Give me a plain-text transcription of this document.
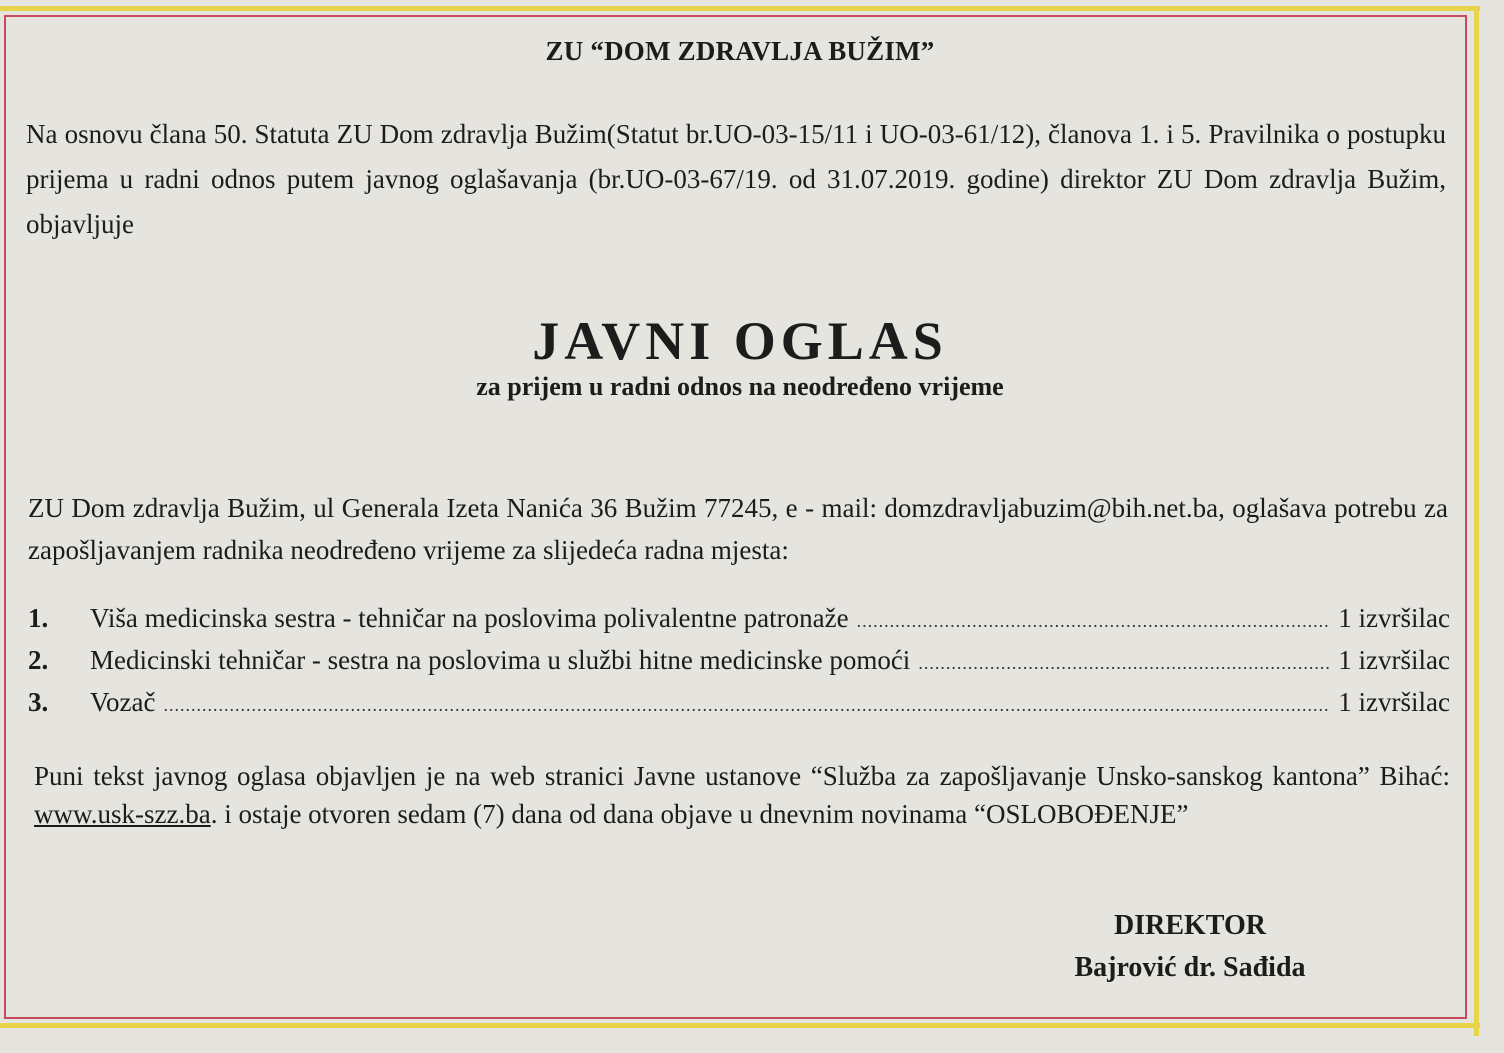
ZU “DOM ZDRAVLJA BUŽIM”
Na osnovu člana 50. Statuta ZU Dom zdravlja Bužim(Statut br.UO-03-15/11 i UO-03-61/12), članova 1. i 5. Pravilnika o postupku prijema u radni odnos putem javnog oglašavanja (br.UO-03-67/19. od 31.07.2019. godine) direktor ZU Dom zdravlja Bužim, objavljuje
JAVNI OGLAS
za prijem u radni odnos na neodređeno vrijeme
ZU Dom zdravlja Bužim, ul Generala Izeta Nanića 36 Bužim 77245, e - mail: domzdravljabuzim@bih.net.ba, oglašava potrebu za zapošljavanjem radnika neodređeno vrijeme za slijedeća radna mjesta:
1.	Viša medicinska sestra - tehničar na poslovima polivalentne patronaže .....	1 izvršilac
2.	Medicinski tehničar - sestra na poslovima u službi hitne medicinske pomoći .....	1 izvršilac
3.	Vozač .....	1 izvršilac
Puni tekst javnog oglasa objavljen je na web stranici Javne ustanove “Služba za zapošljavanje Unsko-sanskog kantona” Bihać: www.usk-szz.ba. i ostaje otvoren sedam (7) dana od dana objave u dnevnim novinama “OSLOBOĐENJE”
DIREKTOR
Bajrović dr. Sađida
